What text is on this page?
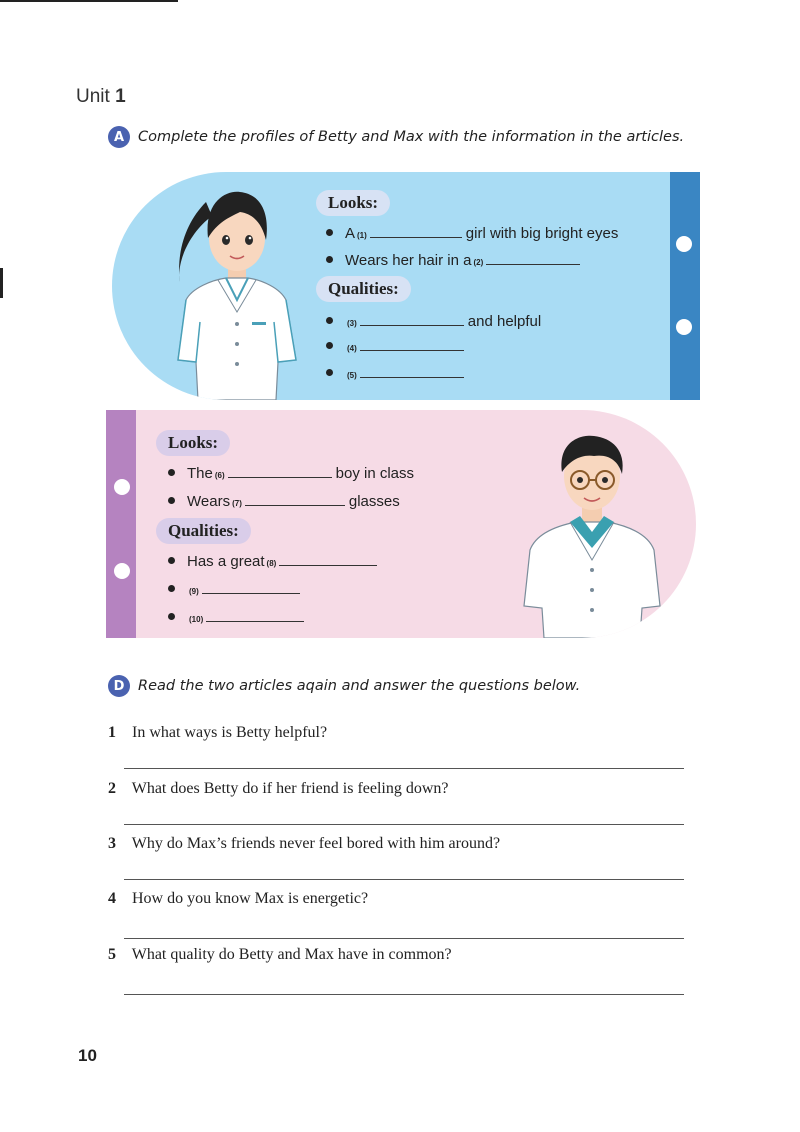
Unit 1
A Complete the profiles of Betty and Max with the information in the articles.
Looks:
A (1)	girl with big bright eyes
Wears her hair in a (2)
Qualities:
$_{(3)}$	and helpful
$_{(4)}$
$_{(5)}$
Looks:
The (6)	boy in class
Wears (7)	glasses
Qualities:
Has a great (8)
$_{(9)}$
$_{(10)}$
D Read the two articles aqain and answer the questions below.
1 In what ways is Betty helpful?
2 What does Betty do if her friend is feeling down?
3 Why do Max’s friends never feel bored with him around?
4 How do you know Max is energetic?
5 What quality do Betty and Max have in common?
10
